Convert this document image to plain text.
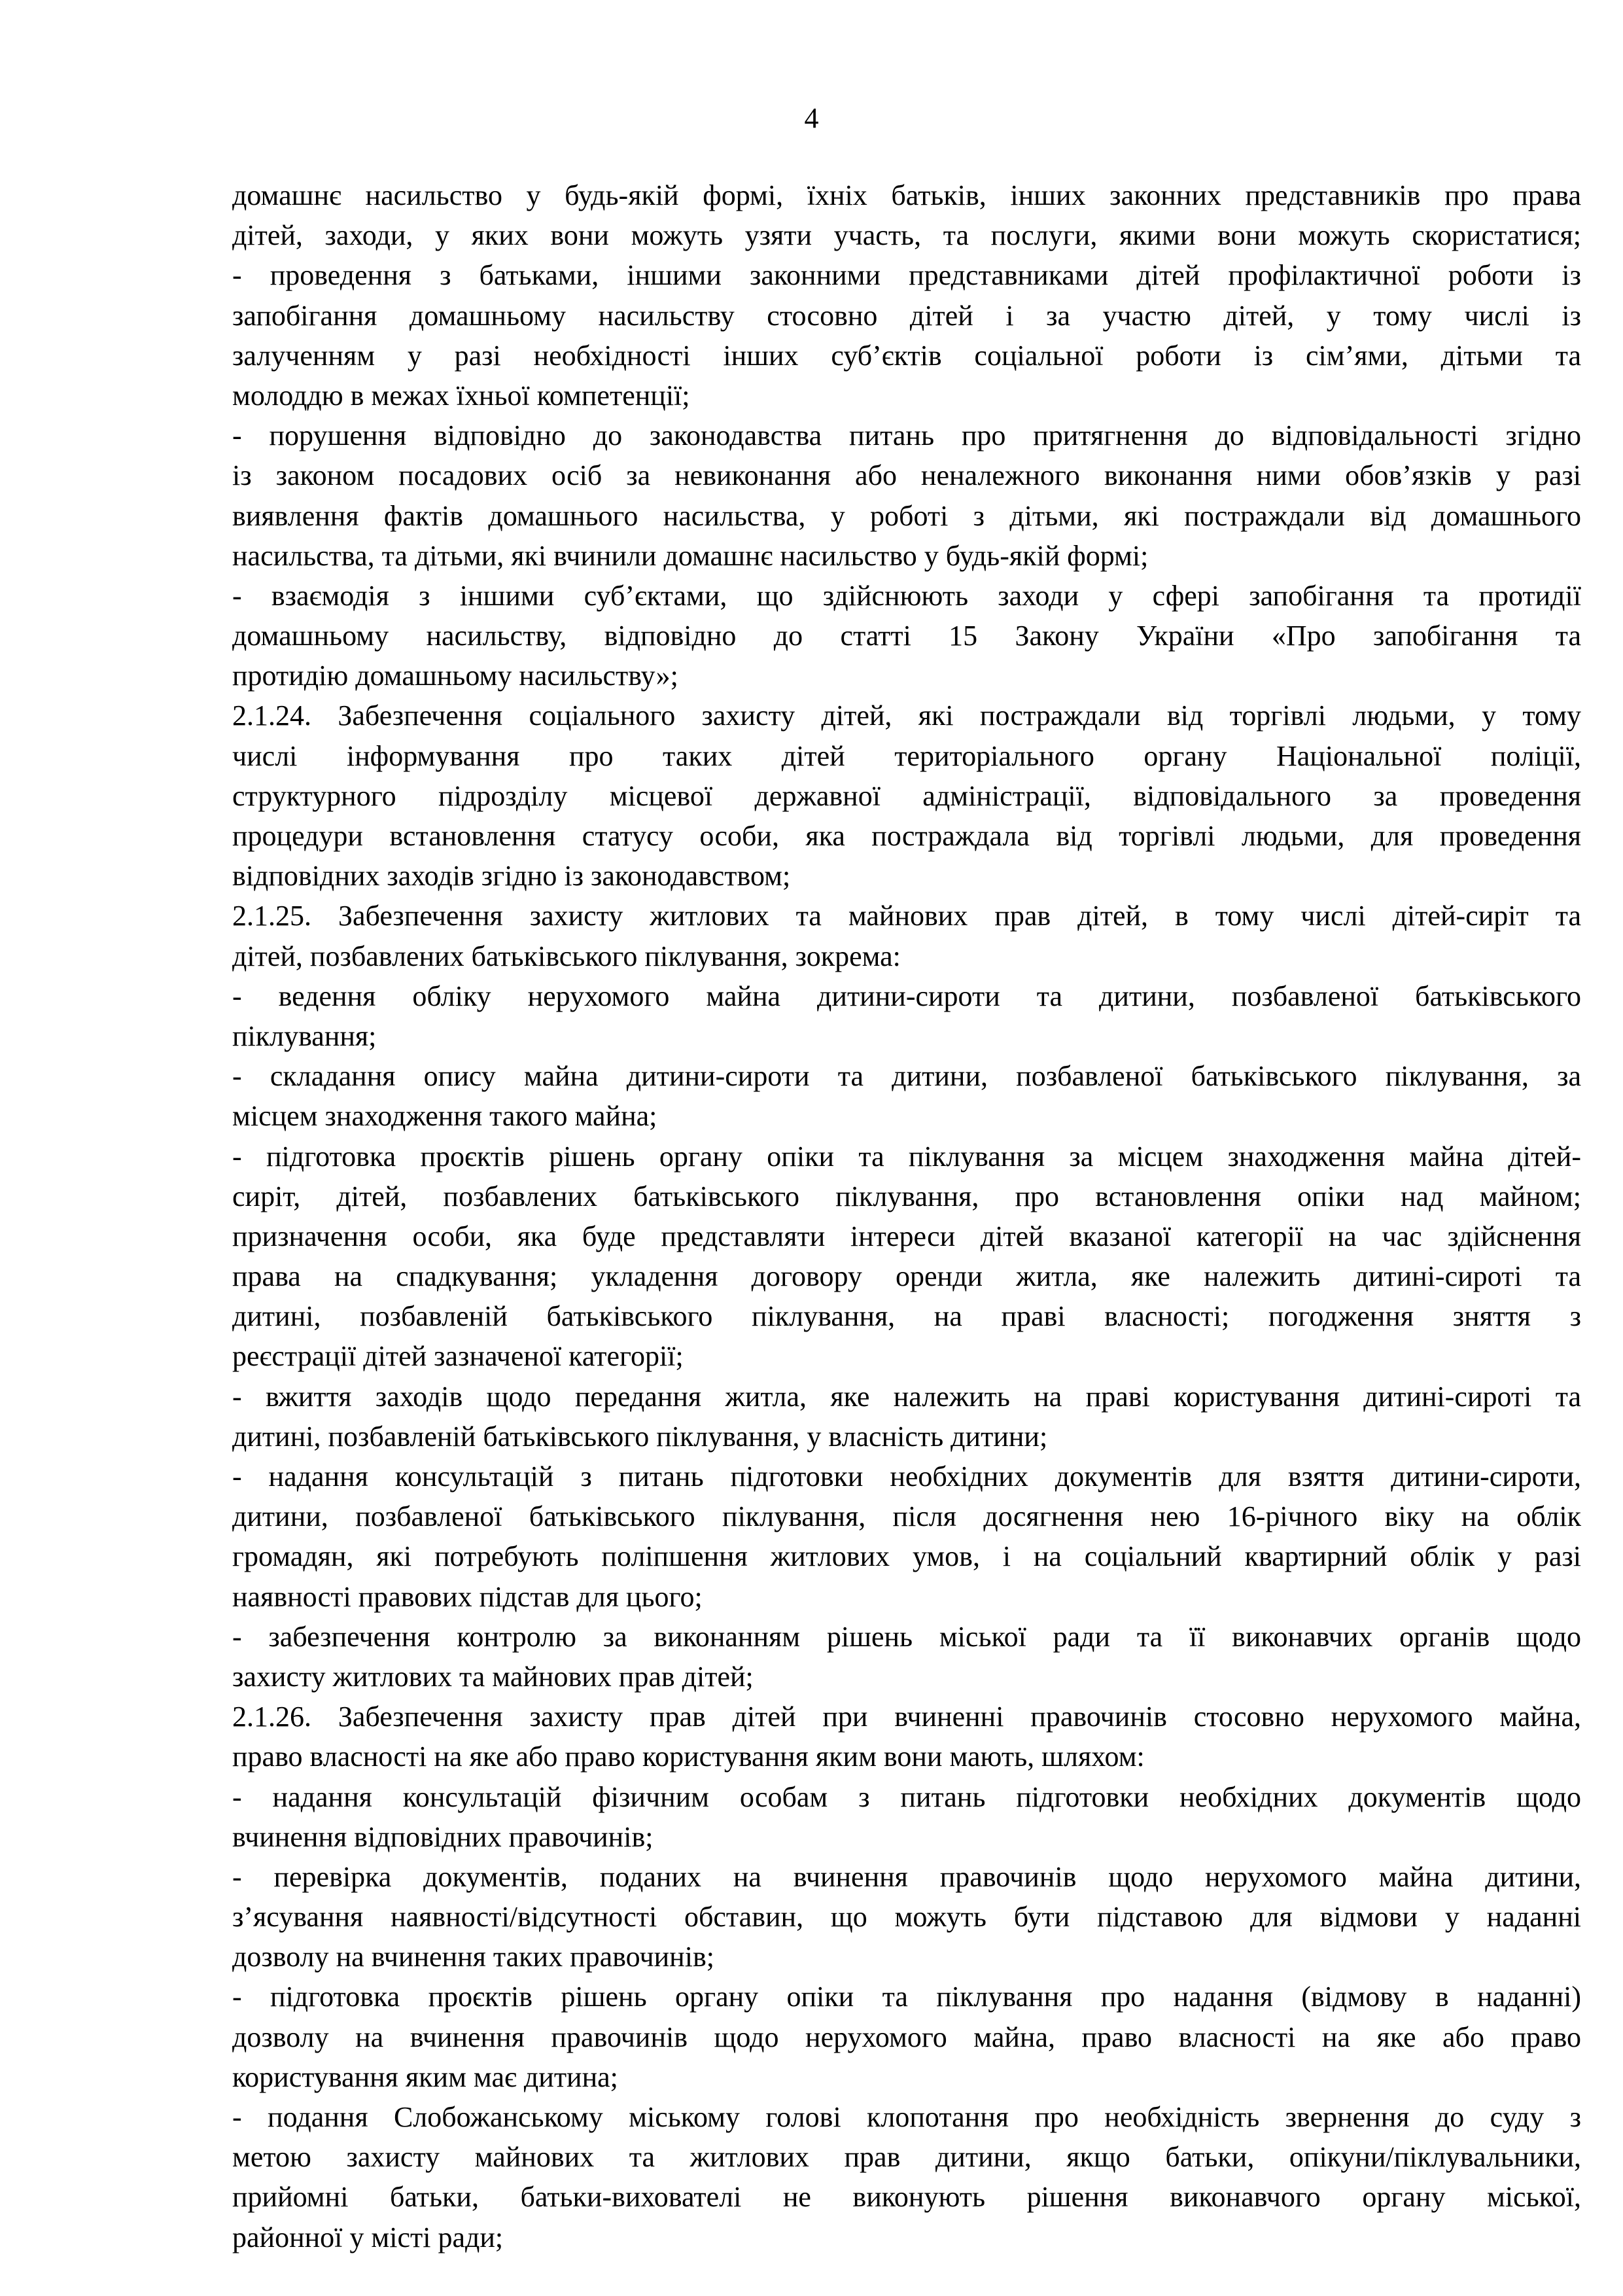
4
домашнє насильство у будь-якій формі, їхніх батьків, інших законних представників про права
дітей, заходи, у яких вони можуть узяти участь, та послуги, якими вони можуть скористатися;
- проведення з батьками, іншими законними представниками дітей профілактичної роботи із
запобігання домашньому насильству стосовно дітей і за участю дітей, у тому числі із
залученням у разі необхідності інших суб’єктів соціальної роботи із сім’ями, дітьми та
молоддю в межах їхньої компетенції;
- порушення відповідно до законодавства питань про притягнення до відповідальності згідно
із законом посадових осіб за невиконання або неналежного виконання ними обов’язків у разі
виявлення фактів домашнього насильства, у роботі з дітьми, які постраждали від домашнього
насильства, та дітьми, які вчинили домашнє насильство у будь-якій формі;
- взаємодія з іншими суб’єктами, що здійснюють заходи у сфері запобігання та протидії
домашньому насильству, відповідно до статті 15 Закону України «Про запобігання та
протидію домашньому насильству»;
2.1.24. Забезпечення соціального захисту дітей, які постраждали від торгівлі людьми, у тому
числі інформування про таких дітей територіального органу Національної поліції,
структурного підрозділу місцевої державної адміністрації, відповідального за проведення
процедури встановлення статусу особи, яка постраждала від торгівлі людьми, для проведення
відповідних заходів згідно із законодавством;
2.1.25. Забезпечення захисту житлових та майнових прав дітей, в тому числі дітей-сиріт та
дітей, позбавлених батьківського піклування, зокрема:
- ведення обліку нерухомого майна дитини-сироти та дитини, позбавленої батьківського
піклування;
- складання опису майна дитини-сироти та дитини, позбавленої батьківського піклування, за
місцем знаходження такого майна;
- підготовка проєктів рішень органу опіки та піклування за місцем знаходження майна дітей-
сиріт, дітей, позбавлених батьківського піклування, про встановлення опіки над майном;
призначення особи, яка буде представляти інтереси дітей вказаної категорії на час здійснення
права на спадкування; укладення договору оренди житла, яке належить дитині-сироті та
дитині, позбавленій батьківського піклування, на праві власності; погодження зняття з
реєстрації дітей зазначеної категорії;
- вжиття заходів щодо передання житла, яке належить на праві користування дитині-сироті та
дитині, позбавленій батьківського піклування, у власність дитини;
- надання консультацій з питань підготовки необхідних документів для взяття дитини-сироти,
дитини, позбавленої батьківського піклування, після досягнення нею 16-річного віку на облік
громадян, які потребують поліпшення житлових умов, і на соціальний квартирний облік у разі
наявності правових підстав для цього;
- забезпечення контролю за виконанням рішень міської ради та її виконавчих органів щодо
захисту житлових та майнових прав дітей;
2.1.26. Забезпечення захисту прав дітей при вчиненні правочинів стосовно нерухомого майна,
право власності на яке або право користування яким вони мають, шляхом:
- надання консультацій фізичним особам з питань підготовки необхідних документів щодо
вчинення відповідних правочинів;
- перевірка документів, поданих на вчинення правочинів щодо нерухомого майна дитини,
з’ясування наявності/відсутності обставин, що можуть бути підставою для відмови у наданні
дозволу на вчинення таких правочинів;
- підготовка проєктів рішень органу опіки та піклування про надання (відмову в наданні)
дозволу на вчинення правочинів щодо нерухомого майна, право власності на яке або право
користування яким має дитина;
- подання Слобожанському міському голові клопотання про необхідність звернення до суду з
метою захисту майнових та житлових прав дитини, якщо батьки, опікуни/піклувальники,
прийомні батьки, батьки-вихователі не виконують рішення виконавчого органу міської,
районної у місті ради;
